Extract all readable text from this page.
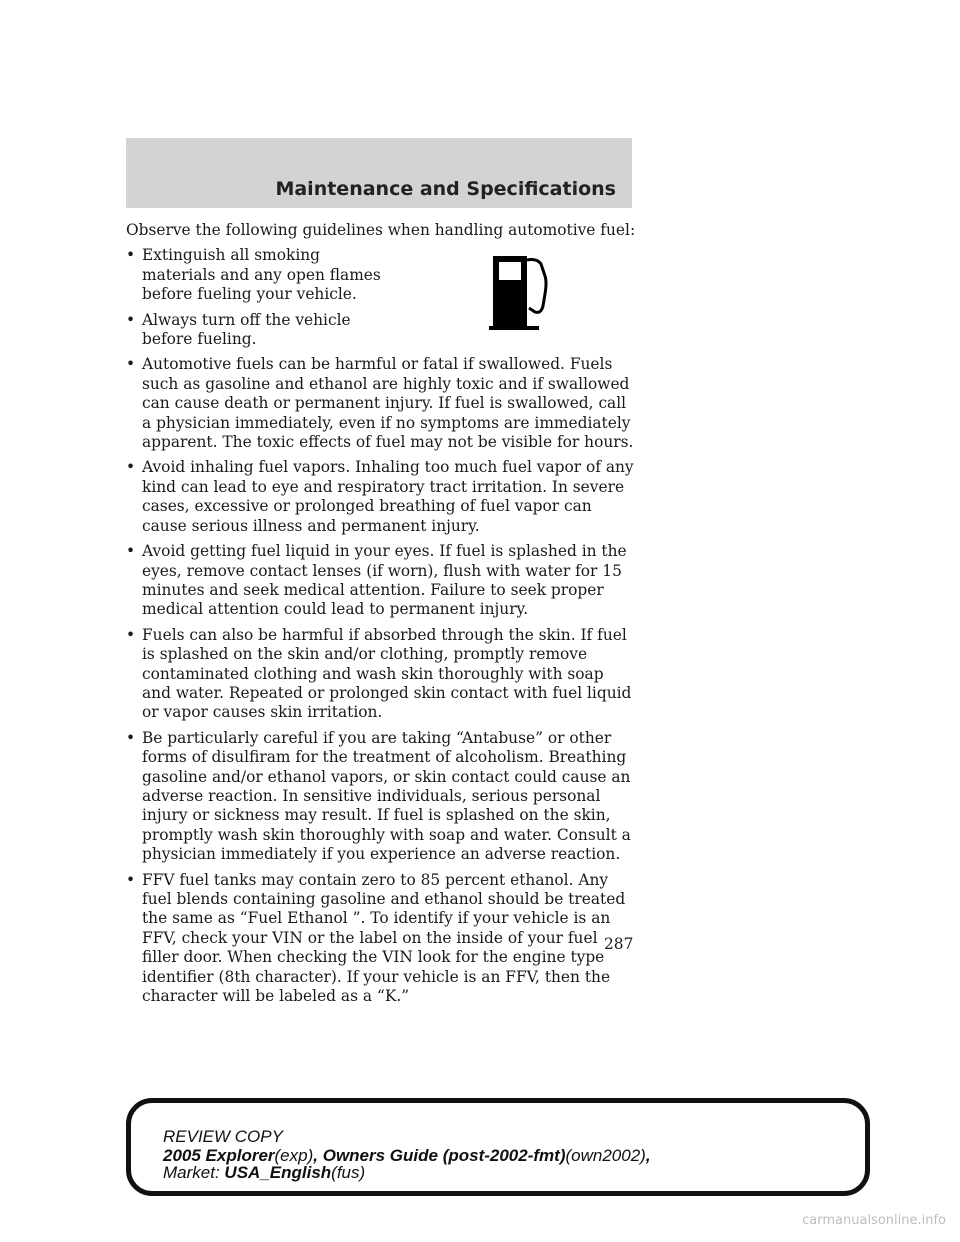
Maintenance and Specifications

Observe the following guidelines when handling automotive fuel:

• Extinguish all smoking materials and any open flames before fueling your vehicle.
• Always turn off the vehicle before fueling.
• Automotive fuels can be harmful or fatal if swallowed. Fuels such as gasoline and ethanol are highly toxic and if swallowed can cause death or permanent injury. If fuel is swallowed, call a physician immediately, even if no symptoms are immediately apparent. The toxic effects of fuel may not be visible for hours.
• Avoid inhaling fuel vapors. Inhaling too much fuel vapor of any kind can lead to eye and respiratory tract irritation. In severe cases, excessive or prolonged breathing of fuel vapor can cause serious illness and permanent injury.
• Avoid getting fuel liquid in your eyes. If fuel is splashed in the eyes, remove contact lenses (if worn), flush with water for 15 minutes and seek medical attention. Failure to seek proper medical attention could lead to permanent injury.
• Fuels can also be harmful if absorbed through the skin. If fuel is splashed on the skin and/or clothing, promptly remove contaminated clothing and wash skin thoroughly with soap and water. Repeated or prolonged skin contact with fuel liquid or vapor causes skin irritation.
• Be particularly careful if you are taking “Antabuse” or other forms of disulfiram for the treatment of alcoholism. Breathing gasoline and/or ethanol vapors, or skin contact could cause an adverse reaction. In sensitive individuals, serious personal injury or sickness may result. If fuel is splashed on the skin, promptly wash skin thoroughly with soap and water. Consult a physician immediately if you experience an adverse reaction.
• FFV fuel tanks may contain zero to 85 percent ethanol. Any fuel blends containing gasoline and ethanol should be treated the same as “Fuel Ethanol ”. To identify if your vehicle is an FFV, check your VIN or the label on the inside of your fuel filler door. When checking the VIN look for the engine type identifier (8th character). If your vehicle is an FFV, then the character will be labeled as a “K.”
287
REVIEW COPY
2005 Explorer(exp), Owners Guide (post-2002-fmt)(own2002),
Market: USA_English(fus)
carmanualsonline.info
